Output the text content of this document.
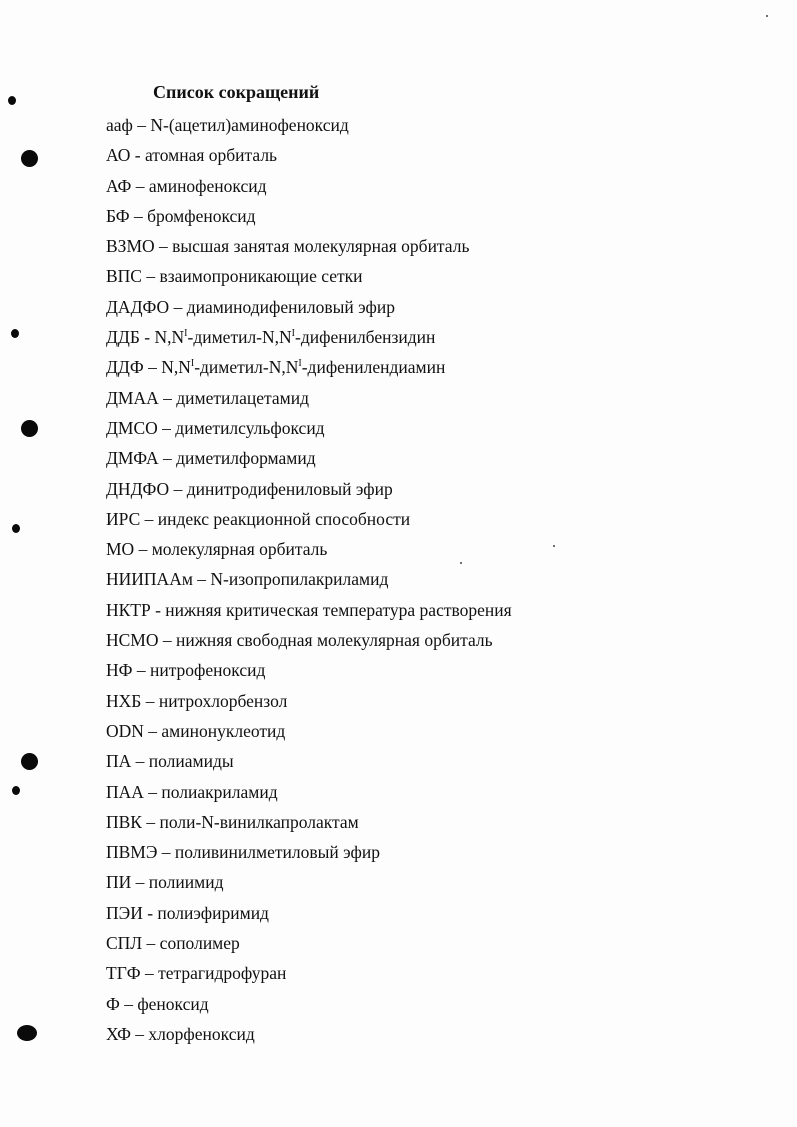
Список сокращений
ааф – N-(ацетил)аминофеноксид
АО - атомная орбиталь
АФ – аминофеноксид
БФ – бромфеноксид
ВЗМО – высшая занятая молекулярная орбиталь
ВПС – взаимопроникающие сетки
ДАДФО – диаминодифениловый эфир
ДДБ - $N,N^I-диметил-N,N^I$-дифенилбензидин
ДДФ – $N,N^I-диметил-N,N^I$-дифенилендиамин
ДМАА – диметилацетамид
ДМСО – диметилсульфоксид
ДМФА – диметилформамид
ДНДФО – динитродифениловый эфир
ИРС – индекс реакционной способности
МО – молекулярная орбиталь
НИИПААм – N-изопропилакриламид
НКТР - нижняя критическая температура растворения
НСМО – нижняя свободная молекулярная орбиталь
НФ – нитрофеноксид
НХБ – нитрохлорбензол
ODN – аминонуклеотид
ПА – полиамиды
ПАА – полиакриламид
ПВК – поли-N-винилкапролактам
ПВМЭ – поливинилметиловый эфир
ПИ – полиимид
ПЭИ - полиэфиримид
СПЛ – сополимер
ТГФ – тетрагидрофуран
Ф – феноксид
ХФ – хлорфеноксид
